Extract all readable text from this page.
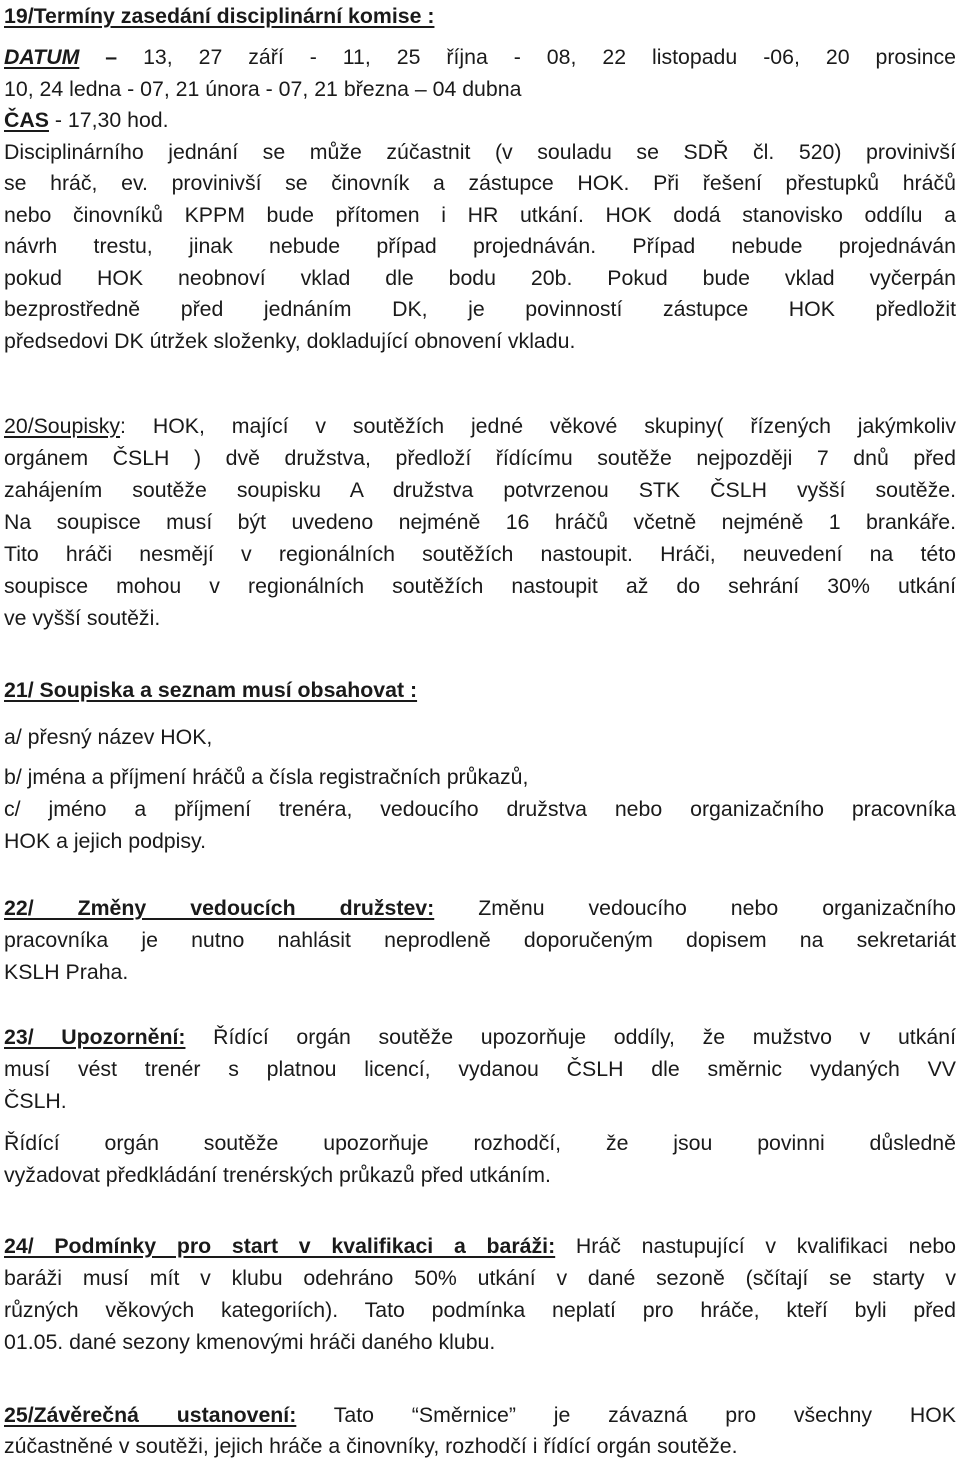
19/Termíny zasedání disciplinární komise :
DATUM – 13, 27 září - 11, 25 října - 08, 22 listopadu -06, 20 prosince
10, 24 ledna - 07, 21 února - 07, 21 března – 04 dubna
ČAS - 17,30 hod.
Disciplinárního jednání se může zúčastnit (v souladu se SDŘ čl. 520) provinivší
se hráč, ev. provinivší se činovník a zástupce HOK. Při řešení přestupků hráčů
nebo činovníků KPPM bude přítomen i HR utkání. HOK dodá stanovisko oddílu a
návrh trestu, jinak nebude případ projednáván. Případ nebude projednáván
pokud HOK neobnoví vklad dle bodu 20b. Pokud bude vklad vyčerpán
bezprostředně před jednáním DK, je povinností zástupce HOK předložit
předsedovi DK útržek složenky, dokladující obnovení vkladu.
20/Soupisky: HOK, mající v soutěžích jedné věkové skupiny( řízených jakýmkoliv
orgánem ČSLH ) dvě družstva, předloží řídícímu soutěže nejpozději 7 dnů před
zahájením soutěže soupisku A družstva potvrzenou STK ČSLH vyšší soutěže.
Na soupisce musí být uvedeno nejméně 16 hráčů včetně nejméně 1 brankáře.
Tito hráči nesmějí v regionálních soutěžích nastoupit. Hráči, neuvedení na této
soupisce mohou v regionálních soutěžích nastoupit až do sehrání 30% utkání
ve vyšší soutěži.
21/ Soupiska a seznam musí obsahovat :
a/ přesný název HOK,
b/ jména a příjmení hráčů a čísla registračních průkazů,
c/ jméno a příjmení trenéra, vedoucího družstva nebo organizačního pracovníka
HOK a jejich podpisy.
22/ Změny vedoucích družstev: Změnu vedoucího nebo organizačního
pracovníka je nutno nahlásit neprodleně doporučeným dopisem na sekretariát
KSLH Praha.
23/ Upozornění: Řídící orgán soutěže upozorňuje oddíly, že mužstvo v utkání
musí vést trenér s platnou licencí, vydanou ČSLH dle směrnic vydaných VV
ČSLH.
Řídící orgán soutěže upozorňuje rozhodčí, že jsou povinni důsledně
vyžadovat předkládání trenérských průkazů před utkáním.
24/ Podmínky pro start v kvalifikaci a baráži: Hráč nastupující v kvalifikaci nebo
baráži musí mít v klubu odehráno 50% utkání v dané sezoně (sčítají se starty v
různých věkových kategoriích). Tato podmínka neplatí pro hráče, kteří byli před
01.05. dané sezony kmenovými hráči daného klubu.
25/Závěrečná ustanovení: Tato “Směrnice” je závazná pro všechny HOK
zúčastněné v soutěži, jejich hráče a činovníky, rozhodčí i řídící orgán soutěže.
